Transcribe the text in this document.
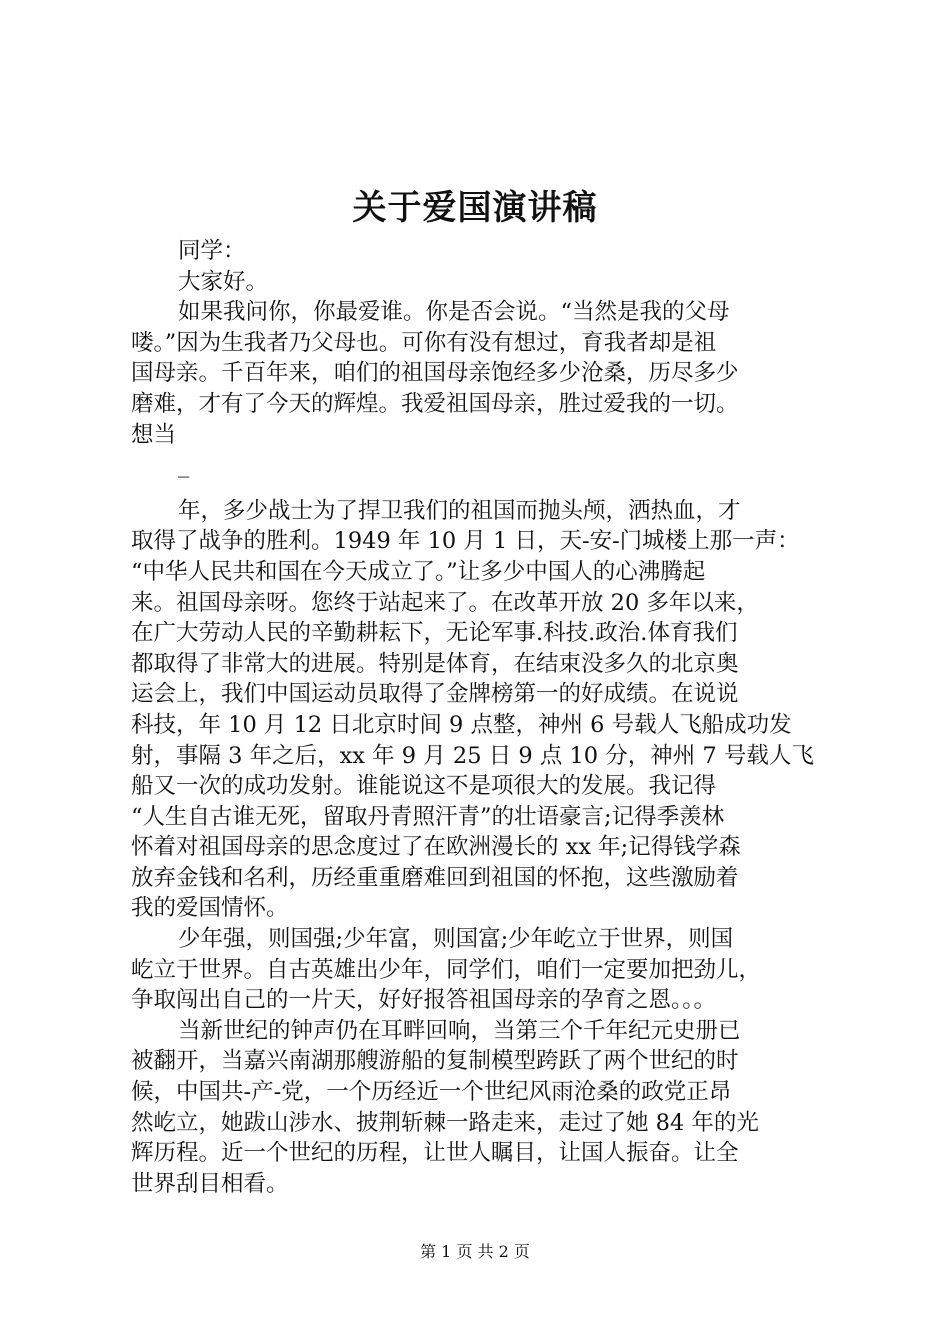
关于爱国演讲稿
同学：
大家好。
如果我问你，你最爱谁。你是否会说。“当然是我的父母
喽。”因为生我者乃父母也。可你有没有想过，育我者却是祖
国母亲。千百年来，咱们的祖国母亲饱经多少沧桑，历尽多少
磨难，才有了今天的辉煌。我爱祖国母亲，胜过爱我的一切。
想当
_
年，多少战士为了捍卫我们的祖国而抛头颅，洒热血，才
取得了战争的胜利。1949 年 10 月 1 日，天-安-门城楼上那一声：
“中华人民共和国在今天成立了。”让多少中国人的心沸腾起
来。祖国母亲呀。您终于站起来了。在改革开放 20 多年以来，
在广大劳动人民的辛勤耕耘下，无论军事.科技.政治.体育我们
都取得了非常大的进展。特别是体育，在结束没多久的北京奥
运会上，我们中国运动员取得了金牌榜第一的好成绩。在说说
科技，年 10 月 12 日北京时间 9 点整，神州 6 号载人飞船成功发
射，事隔 3 年之后，xx 年 9 月 25 日 9 点 10 分，神州 7 号载人飞
船又一次的成功发射。谁能说这不是项很大的发展。我记得
“人生自古谁无死，留取丹青照汗青”的壮语豪言;记得季羡林
怀着对祖国母亲的思念度过了在欧洲漫长的 xx 年;记得钱学森
放弃金钱和名利，历经重重磨难回到祖国的怀抱，这些激励着
我的爱国情怀。
少年强，则国强;少年富，则国富;少年屹立于世界，则国
屹立于世界。自古英雄出少年，同学们，咱们一定要加把劲儿，
争取闯出自己的一片天，好好报答祖国母亲的孕育之恩。。。
当新世纪的钟声仍在耳畔回响，当第三个千年纪元史册已
被翻开，当嘉兴南湖那艘游船的复制模型跨跃了两个世纪的时
候，中国共-产-党，一个历经近一个世纪风雨沧桑的政党正昂
然屹立，她跋山涉水、披荆斩棘一路走来，走过了她 84 年的光
辉历程。近一个世纪的历程，让世人瞩目，让国人振奋。让全
世界刮目相看。
第 1 页 共 2 页
